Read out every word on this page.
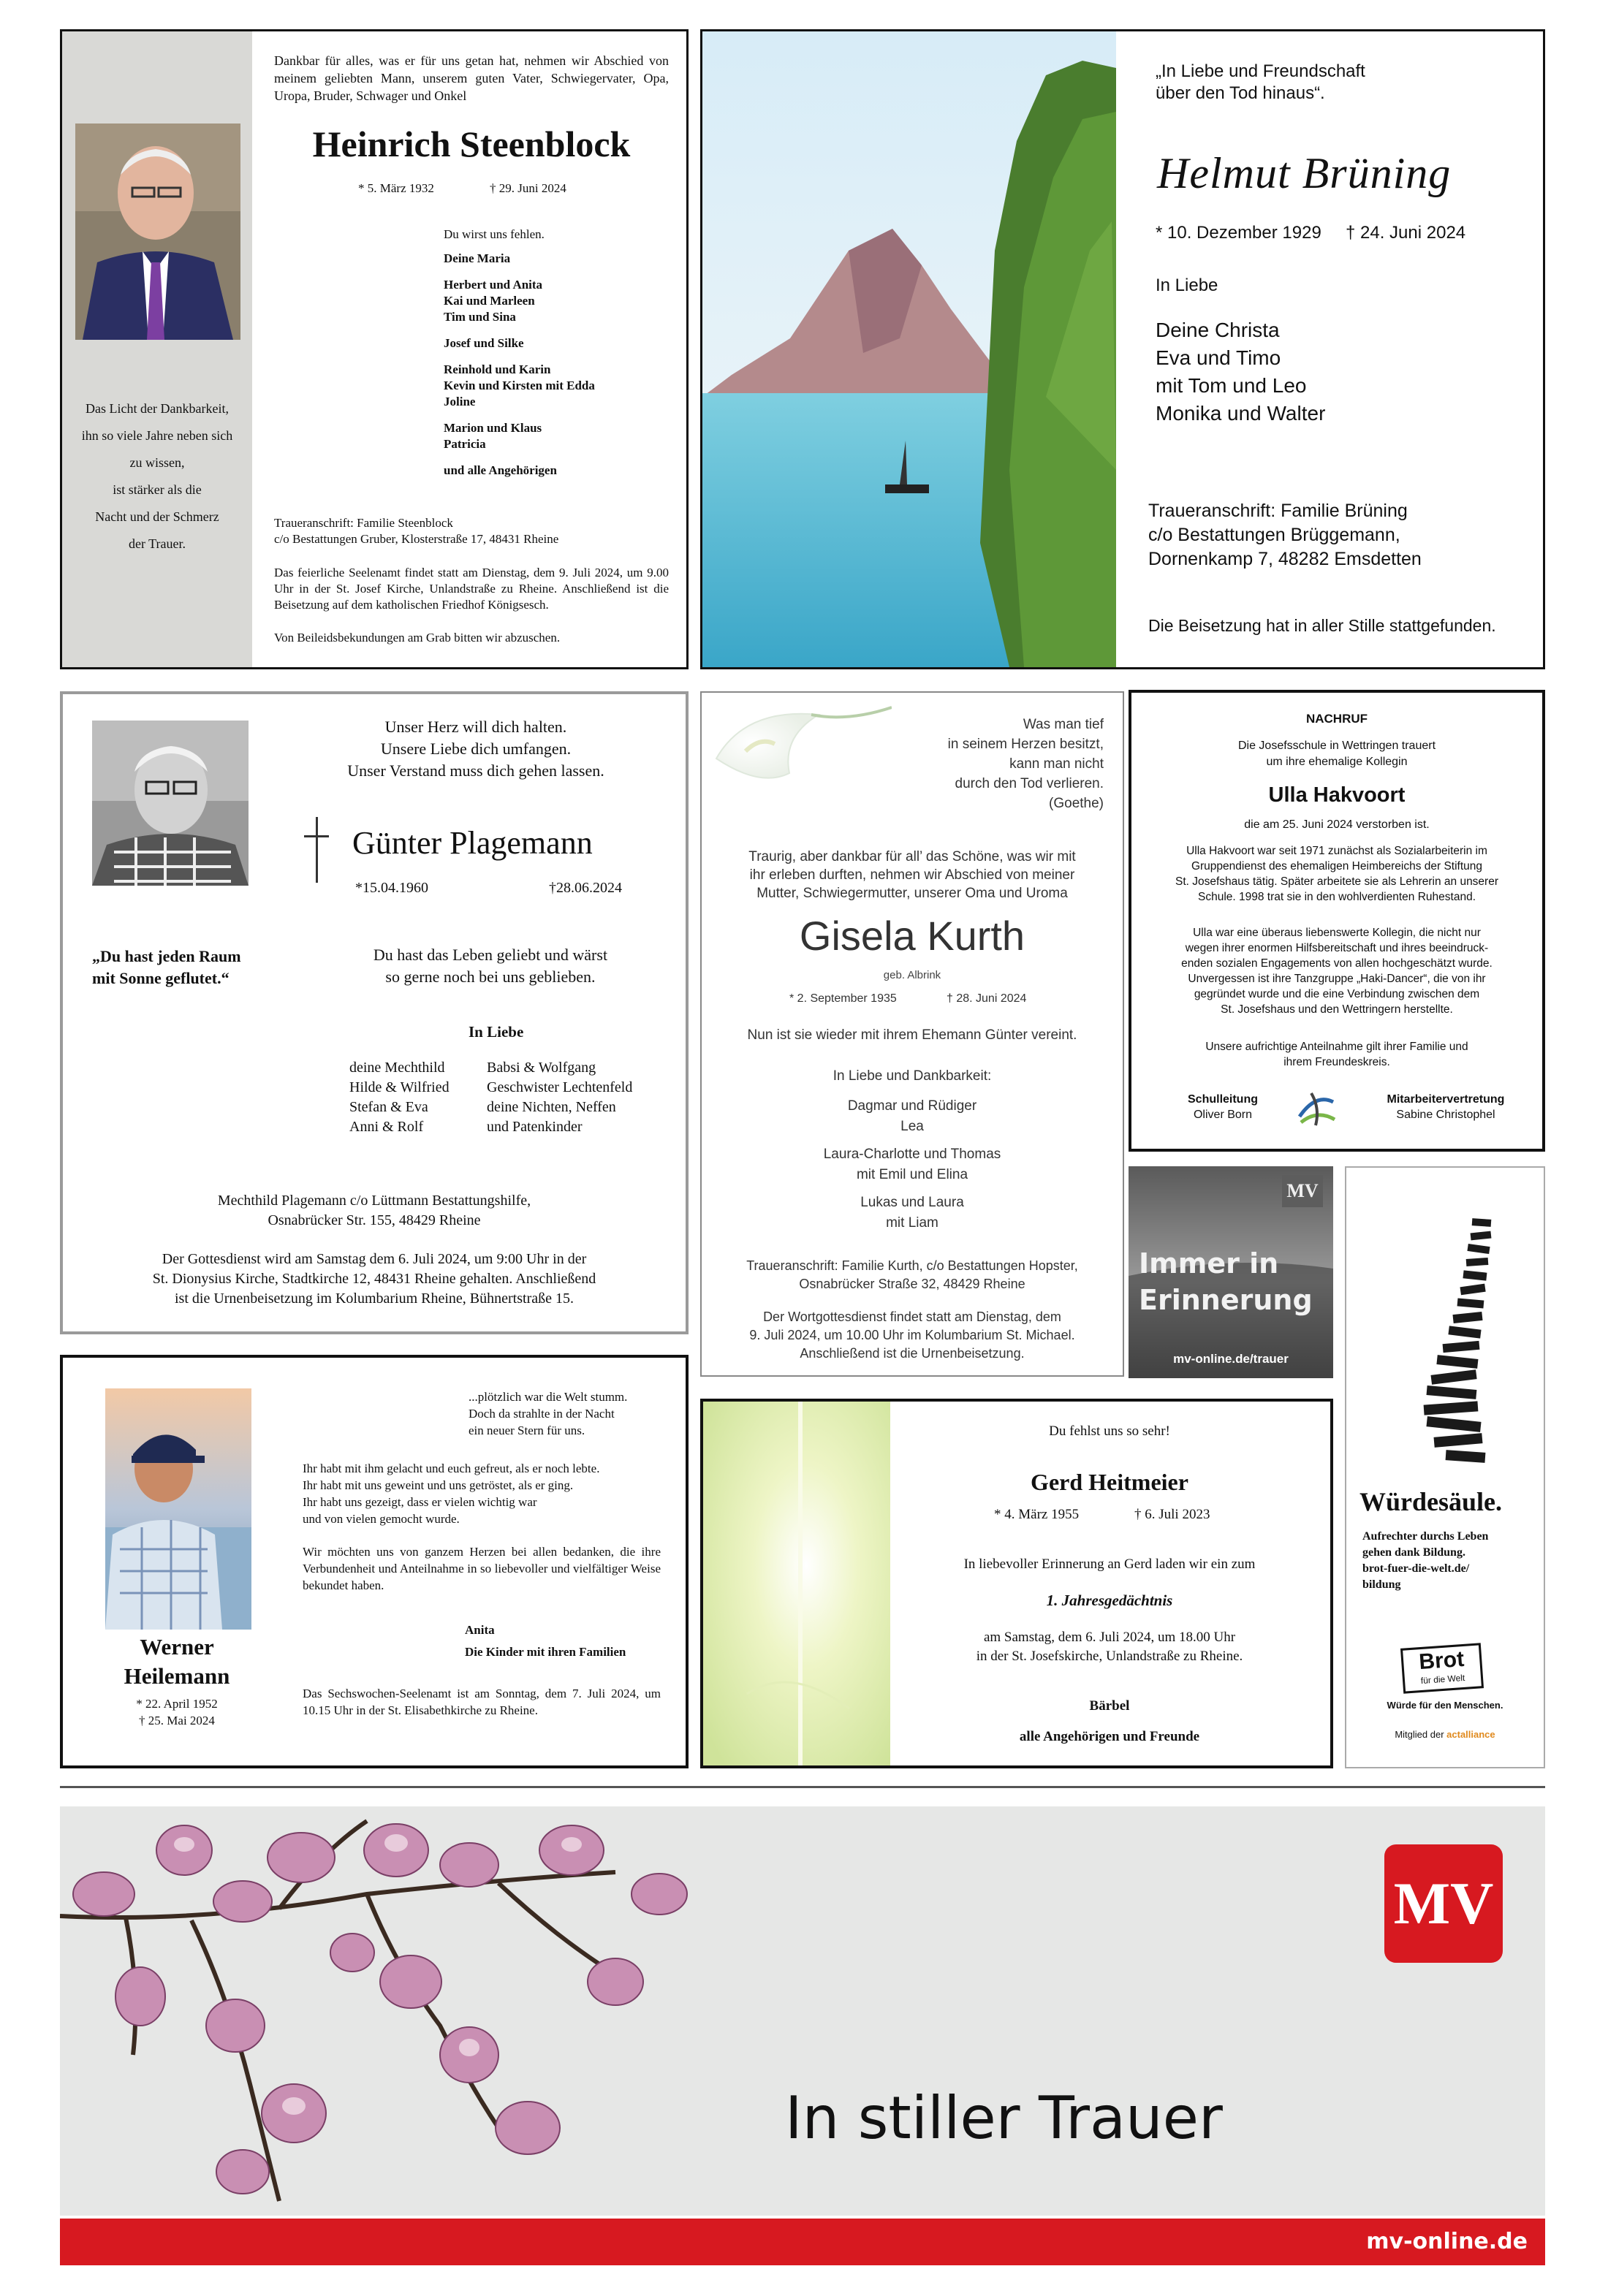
Das Licht der Dankbarkeit,
ihn so viele Jahre neben sich
zu wissen,
ist stärker als die
Nacht und der Schmerz
der Trauer.
Dankbar für alles, was er für uns getan hat, nehmen wir Abschied von meinem geliebten Mann, unserem guten Vater, Schwiegervater, Opa, Uropa, Bruder, Schwager und Onkel
Heinrich Steenblock
* 5. März 1932	† 29. Juni 2024
Du wirst uns fehlen.
Deine Maria
Herbert und Anita
Kai und Marleen
Tim und Sina
Josef und Silke
Reinhold und Karin
Kevin und Kirsten mit Edda
Joline
Marion und Klaus
Patricia
und alle Angehörigen
Traueranschrift: Familie Steenblock
c/o Bestattungen Gruber, Klosterstraße 17, 48431 Rheine
Das feierliche Seelenamt findet statt am Dienstag, dem 9. Juli 2024, um 9.00 Uhr in der St. Josef Kirche, Unlandstraße zu Rheine. Anschließend ist die Beisetzung auf dem katholischen Friedhof Königsesch.
Von Beileidsbekundungen am Grab bitten wir abzuschen.
„In Liebe und Freundschaft
über den Tod hinaus“.
Helmut Brüning
* 10. Dezember 1929 † 24. Juni 2024
In Liebe
Deine Christa
Eva und Timo
mit Tom und Leo
Monika und Walter
Traueranschrift: Familie Brüning
c/o Bestattungen Brüggemann,
Dornenkamp 7, 48282 Emsdetten
Die Beisetzung hat in aller Stille stattgefunden.
Unser Herz will dich halten.
Unsere Liebe dich umfangen.
Unser Verstand muss dich gehen lassen.
Günter Plagemann
*15.04.1960	†28.06.2024
„Du hast jeden Raum
mit Sonne geflutet.“
Du hast das Leben geliebt und wärst
so gerne noch bei uns geblieben.
In Liebe
deine Mechthild
Hilde & Wilfried
Stefan & Eva
Anni & Rolf
Babsi & Wolfgang
Geschwister Lechtenfeld
deine Nichten, Neffen
und Patenkinder
Mechthild Plagemann c/o Lüttmann Bestattungshilfe,
Osnabrücker Str. 155, 48429 Rheine
Der Gottesdienst wird am Samstag dem 6. Juli 2024, um 9:00 Uhr in der
St. Dionysius Kirche, Stadtkirche 12, 48431 Rheine gehalten. Anschließend
ist die Urnenbeisetzung im Kolumbarium Rheine, Bühnertstraße 15.
Was man tief
in seinem Herzen besitzt,
kann man nicht
durch den Tod verlieren.
(Goethe)
Traurig, aber dankbar für all’ das Schöne, was wir mit
ihr erleben durften, nehmen wir Abschied von meiner
Mutter, Schwiegermutter, unserer Oma und Uroma
Gisela Kurth
geb. Albrink
* 2. September 1935	† 28. Juni 2024
Nun ist sie wieder mit ihrem Ehemann Günter vereint.
In Liebe und Dankbarkeit:
Dagmar und Rüdiger
Lea
Laura-Charlotte und Thomas
mit Emil und Elina
Lukas und Laura
mit Liam
Traueranschrift: Familie Kurth, c/o Bestattungen Hopster,
Osnabrücker Straße 32, 48429 Rheine
Der Wortgottesdienst findet statt am Dienstag, dem
9. Juli 2024, um 10.00 Uhr im Kolumbarium St. Michael.
Anschließend ist die Urnenbeisetzung.
NACHRUF
Die Josefsschule in Wettringen trauert
um ihre ehemalige Kollegin
Ulla Hakvoort
die am 25. Juni 2024 verstorben ist.
Ulla Hakvoort war seit 1971 zunächst als Sozialarbeiterin im
Gruppendienst des ehemaligen Heimbereichs der Stiftung
St. Josefshaus tätig. Später arbeitete sie als Lehrerin an unserer
Schule. 1998 trat sie in den wohlverdienten Ruhestand.
Ulla war eine überaus liebenswerte Kollegin, die nicht nur
wegen ihrer enormen Hilfsbereitschaft und ihres beeindruck-
enden sozialen Engagements von allen hochgeschätzt wurde.
Unvergessen ist ihre Tanzgruppe „Haki-Dancer“, die von ihr
gegründet wurde und die eine Verbindung zwischen dem
St. Josefshaus und den Wettringern herstellte.
Unsere aufrichtige Anteilnahme gilt ihrer Familie und
ihrem Freundeskreis.
Schulleitung
Oliver Born
Mitarbeitervertretung
Sabine Christophel
MV
Immer in
Erinnerung
mv-online.de/trauer
Würdesäule.
Aufrechter durchs Leben
gehen dank Bildung.
brot-fuer-die-welt.de/
bildung
Brot
für die Welt
Würde für den Menschen.
Mitglied der actalliance
Werner
Heilemann
* 22. April 1952
† 25. Mai 2024
...plötzlich war die Welt stumm.
Doch da strahlte in der Nacht
ein neuer Stern für uns.
Ihr habt mit ihm gelacht und euch gefreut, als er noch lebte.
Ihr habt mit uns geweint und uns getröstet, als er ging.
Ihr habt uns gezeigt, dass er vielen wichtig war
und von vielen gemocht wurde.
Wir möchten uns von ganzem Herzen bei allen bedanken, die ihre Verbundenheit und Anteilnahme in so liebevoller und vielfältiger Weise bekundet haben.
Anita
Die Kinder mit ihren Familien
Das Sechswochen-Seelenamt ist am Sonntag, dem 7. Juli 2024, um 10.15 Uhr in der St. Elisabethkirche zu Rheine.
Du fehlst uns so sehr!
Gerd Heitmeier
* 4. März 1955	† 6. Juli 2023
In liebevoller Erinnerung an Gerd laden wir ein zum
1. Jahresgedächtnis
am Samstag, dem 6. Juli 2024, um 18.00 Uhr
in der St. Josefskirche, Unlandstraße zu Rheine.
Bärbel
alle Angehörigen und Freunde
MV
In stiller Trauer
mv-online.de
